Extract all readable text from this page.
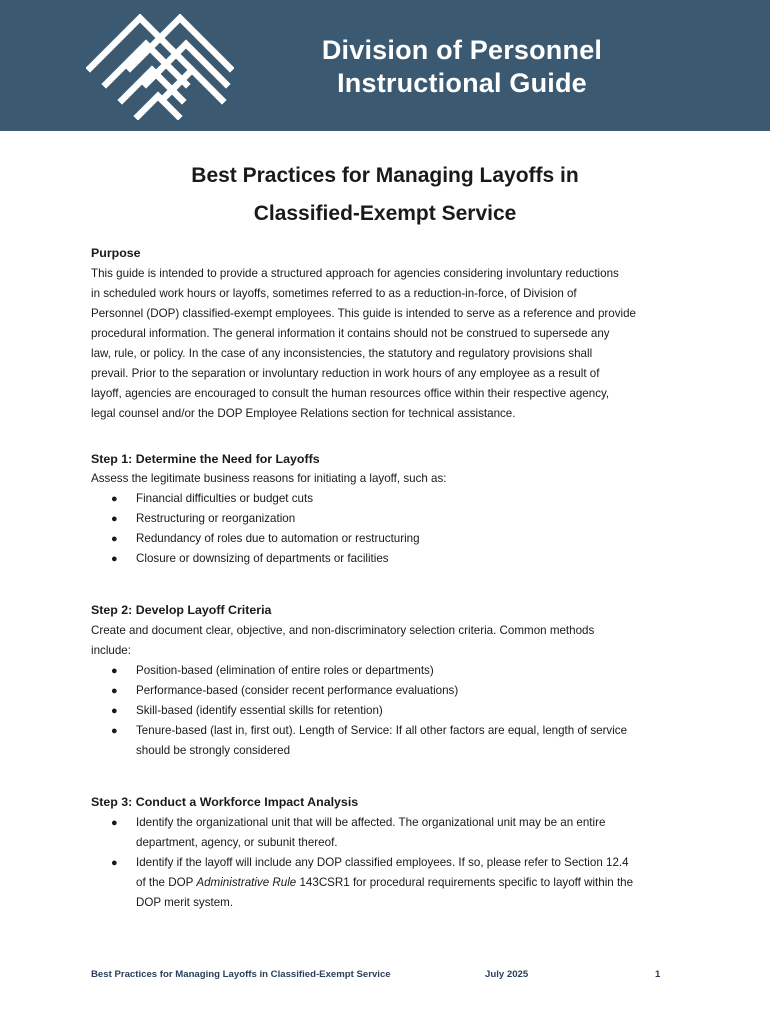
Division of Personnel
Instructional Guide
Best Practices for Managing Layoffs in
Classified-Exempt Service
Purpose
This guide is intended to provide a structured approach for agencies considering involuntary reductions
in scheduled work hours or layoffs, sometimes referred to as a reduction-in-force, of Division of
Personnel (DOP) classified-exempt employees. This guide is intended to serve as a reference and provide
procedural information. The general information it contains should not be construed to supersede any
law, rule, or policy. In the case of any inconsistencies, the statutory and regulatory provisions shall
prevail. Prior to the separation or involuntary reduction in work hours of any employee as a result of
layoff, agencies are encouraged to consult the human resources office within their respective agency,
legal counsel and/or the DOP Employee Relations section for technical assistance.
Step 1: Determine the Need for Layoffs
Assess the legitimate business reasons for initiating a layoff, such as:
● Financial difficulties or budget cuts
● Restructuring or reorganization
● Redundancy of roles due to automation or restructuring
● Closure or downsizing of departments or facilities
Step 2: Develop Layoff Criteria
Create and document clear, objective, and non-discriminatory selection criteria. Common methods
include:
● Position-based (elimination of entire roles or departments)
● Performance-based (consider recent performance evaluations)
● Skill-based (identify essential skills for retention)
● Tenure-based (last in, first out). Length of Service: If all other factors are equal, length of service
should be strongly considered
Step 3: Conduct a Workforce Impact Analysis
● Identify the organizational unit that will be affected. The organizational unit may be an entire
department, agency, or subunit thereof.
● Identify if the layoff will include any DOP classified employees. If so, please refer to Section 12.4
of the DOP Administrative Rule 143CSR1 for procedural requirements specific to layoff within the
DOP merit system.
Best Practices for Managing Layoffs in Classified-Exempt Service	July 2025	1
